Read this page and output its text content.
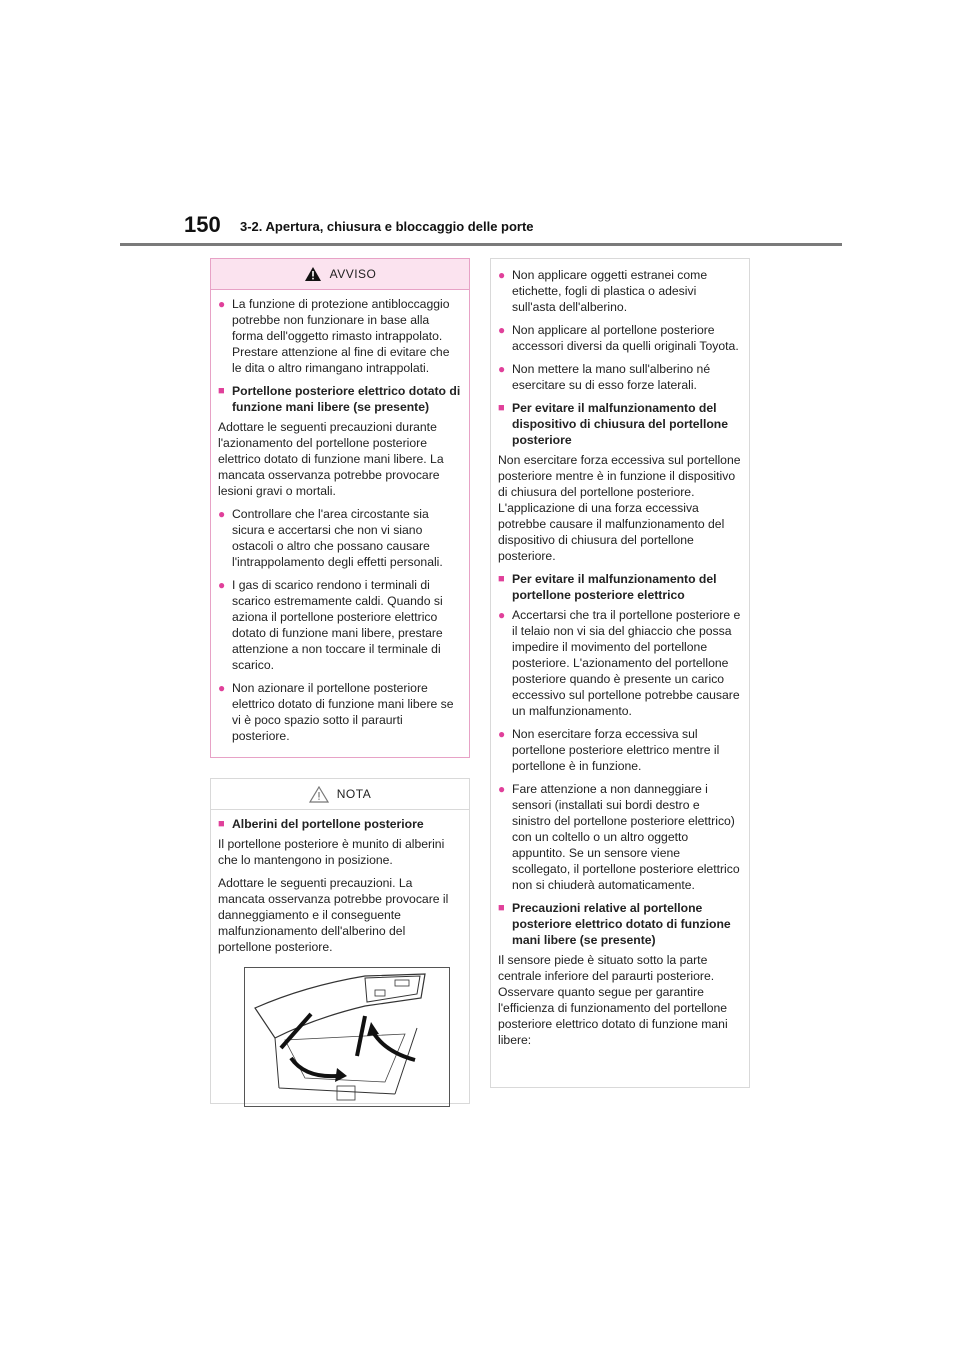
150 3-2. Apertura, chiusura e bloccaggio delle porte
AVVISO
● La funzione di protezione antibloccaggio potrebbe non funzionare in base alla forma dell'oggetto rimasto intrappolato. Prestare attenzione al fine di evitare che le dita o altro rimangano intrappolati.
■ Portellone posteriore elettrico dotato di funzione mani libere (se presente)
Adottare le seguenti precauzioni durante l'azionamento del portellone posteriore elettrico dotato di funzione mani libere. La mancata osservanza potrebbe provocare lesioni gravi o mortali.
● Controllare che l'area circostante sia sicura e accertarsi che non vi siano ostacoli o altro che possano causare l'intrappolamento degli effetti personali.
● I gas di scarico rendono i terminali di scarico estremamente caldi. Quando si aziona il portellone posteriore elettrico dotato di funzione mani libere, prestare attenzione a non toccare il terminale di scarico.
● Non azionare il portellone posteriore elettrico dotato di funzione mani libere se vi è poco spazio sotto il paraurti posteriore.
NOTA
■ Alberini del portellone posteriore
Il portellone posteriore è munito di alberini che lo mantengono in posizione.
Adottare le seguenti precauzioni. La mancata osservanza potrebbe provocare il danneggiamento e il conseguente malfunzionamento dell'alberino del portellone posteriore.
● Non applicare oggetti estranei come etichette, fogli di plastica o adesivi sull'asta dell'alberino.
● Non applicare al portellone posteriore accessori diversi da quelli originali Toyota.
● Non mettere la mano sull'alberino né esercitare su di esso forze laterali.
■ Per evitare il malfunzionamento del dispositivo di chiusura del portellone posteriore
Non esercitare forza eccessiva sul portellone posteriore mentre è in funzione il dispositivo di chiusura del portellone posteriore. L'applicazione di una forza eccessiva potrebbe causare il malfunzionamento del dispositivo di chiusura del portellone posteriore.
■ Per evitare il malfunzionamento del portellone posteriore elettrico
● Accertarsi che tra il portellone posteriore e il telaio non vi sia del ghiaccio che possa impedire il movimento del portellone posteriore. L'azionamento del portellone posteriore quando è presente un carico eccessivo sul portellone potrebbe causare un malfunzionamento.
● Non esercitare forza eccessiva sul portellone posteriore elettrico mentre il portellone è in funzione.
● Fare attenzione a non danneggiare i sensori (installati sui bordi destro e sinistro del portellone posteriore elettrico) con un coltello o un altro oggetto appuntito. Se un sensore viene scollegato, il portellone posteriore elettrico non si chiuderà automaticamente.
■ Precauzioni relative al portellone posteriore elettrico dotato di funzione mani libere (se presente)
Il sensore piede è situato sotto la parte centrale inferiore del paraurti posteriore. Osservare quanto segue per garantire l'efficienza di funzionamento del portellone posteriore elettrico dotato di funzione mani libere:
